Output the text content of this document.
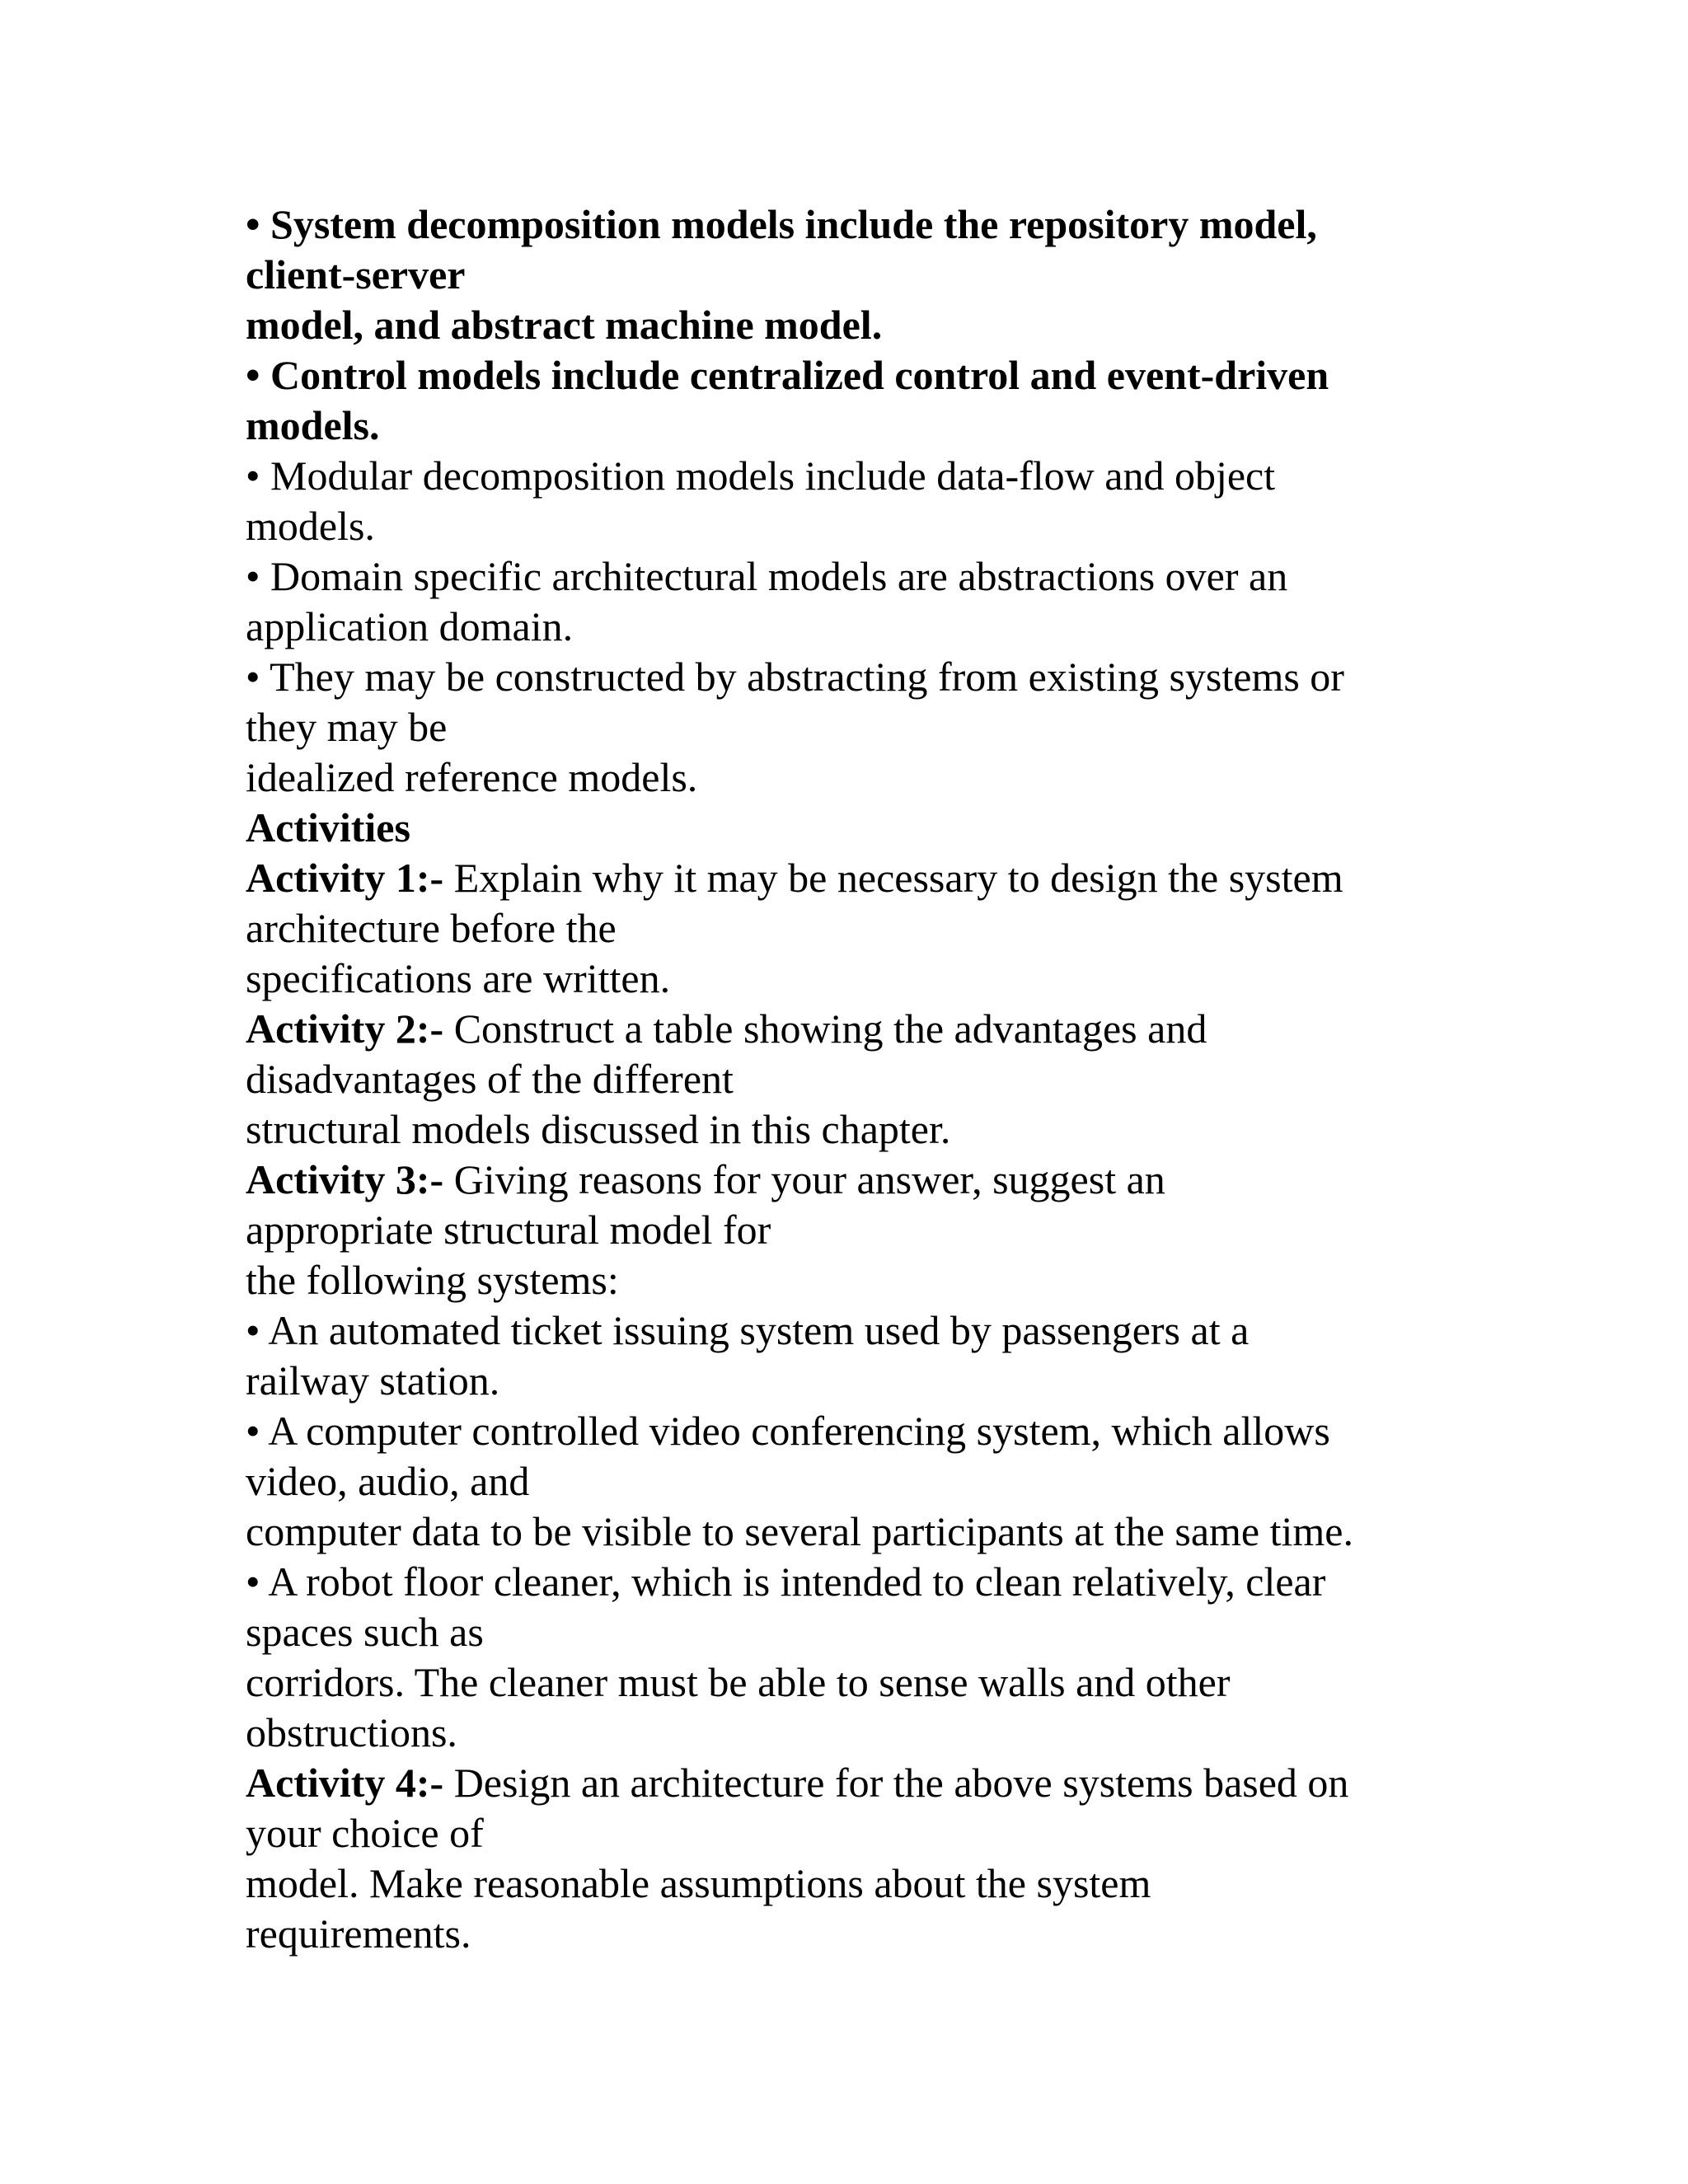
• System decomposition models include the repository model,
client-server
model, and abstract machine model.
• Control models include centralized control and event-driven
models.
• Modular decomposition models include data-flow and object
models.
• Domain specific architectural models are abstractions over an
application domain.
• They may be constructed by abstracting from existing systems or
they may be
idealized reference models.
Activities
Activity 1:- Explain why it may be necessary to design the system
architecture before the
specifications are written.
Activity 2:- Construct a table showing the advantages and
disadvantages of the different
structural models discussed in this chapter.
Activity 3:- Giving reasons for your answer, suggest an
appropriate structural model for
the following systems:
• An automated ticket issuing system used by passengers at a
railway station.
• A computer controlled video conferencing system, which allows
video, audio, and
computer data to be visible to several participants at the same time.
• A robot floor cleaner, which is intended to clean relatively, clear
spaces such as
corridors. The cleaner must be able to sense walls and other
obstructions.
Activity 4:- Design an architecture for the above systems based on
your choice of
model. Make reasonable assumptions about the system
requirements.
